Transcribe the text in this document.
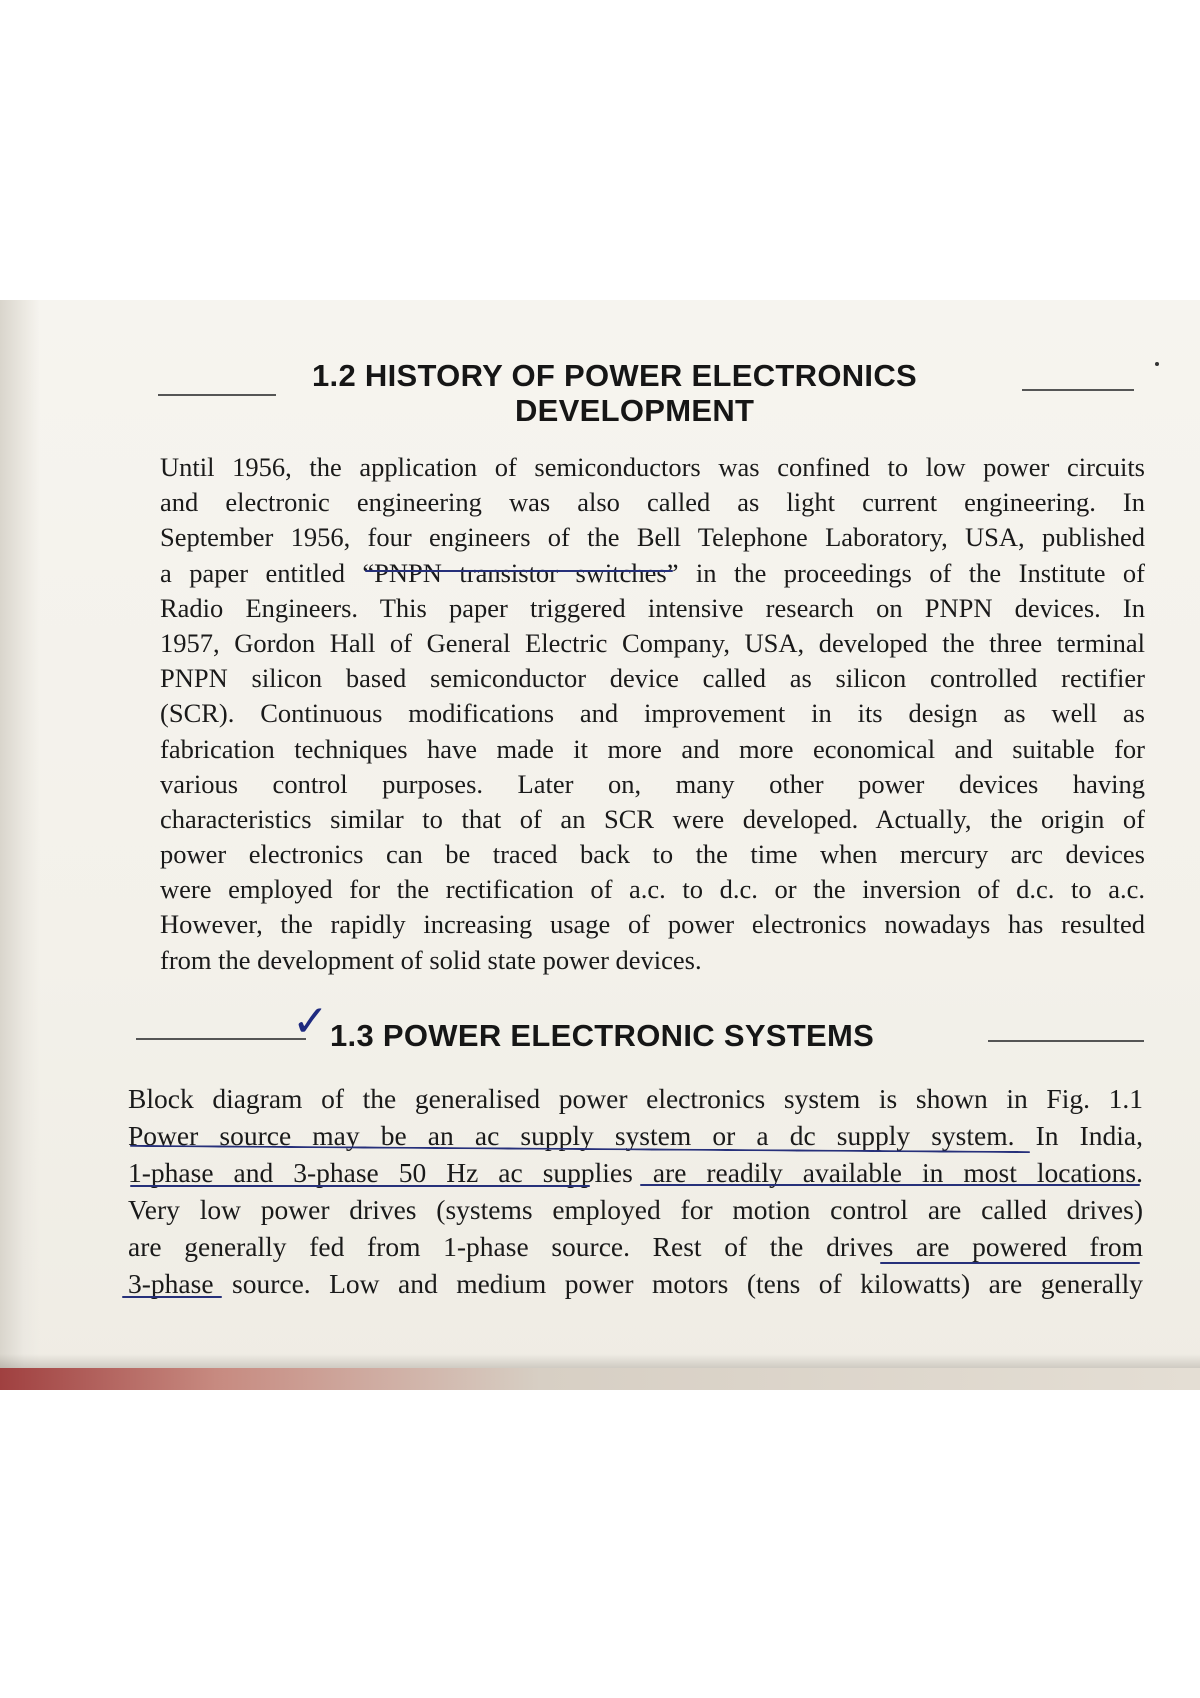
1.2 HISTORY OF POWER ELECTRONICS
DEVELOPMENT
Until 1956, the application of semiconductors was confined to low power circuits
and electronic engineering was also called as light current engineering. In
September 1956, four engineers of the Bell Telephone Laboratory, USA, published
a paper entitled “PNPN transistor switches” in the proceedings of the Institute of
Radio Engineers. This paper triggered intensive research on PNPN devices. In
1957, Gordon Hall of General Electric Company, USA, developed the three terminal
PNPN silicon based semiconductor device called as silicon controlled rectifier
(SCR). Continuous modifications and improvement in its design as well as
fabrication techniques have made it more and more economical and suitable for
various control purposes. Later on, many other power devices having
characteristics similar to that of an SCR were developed. Actually, the origin of
power electronics can be traced back to the time when mercury arc devices
were employed for the rectification of a.c. to d.c. or the inversion of d.c. to a.c.
However, the rapidly increasing usage of power electronics nowadays has resulted
from the development of solid state power devices.
✓ 1.3 POWER ELECTRONIC SYSTEMS
Block diagram of the generalised power electronics system is shown in Fig. 1.1
Power source may be an ac supply system or a dc supply system. In India,
1-phase and 3-phase 50 Hz ac supplies are readily available in most locations.
Very low power drives (systems employed for motion control are called drives)
are generally fed from 1-phase source. Rest of the drives are powered from
3-phase source. Low and medium power motors (tens of kilowatts) are generally
